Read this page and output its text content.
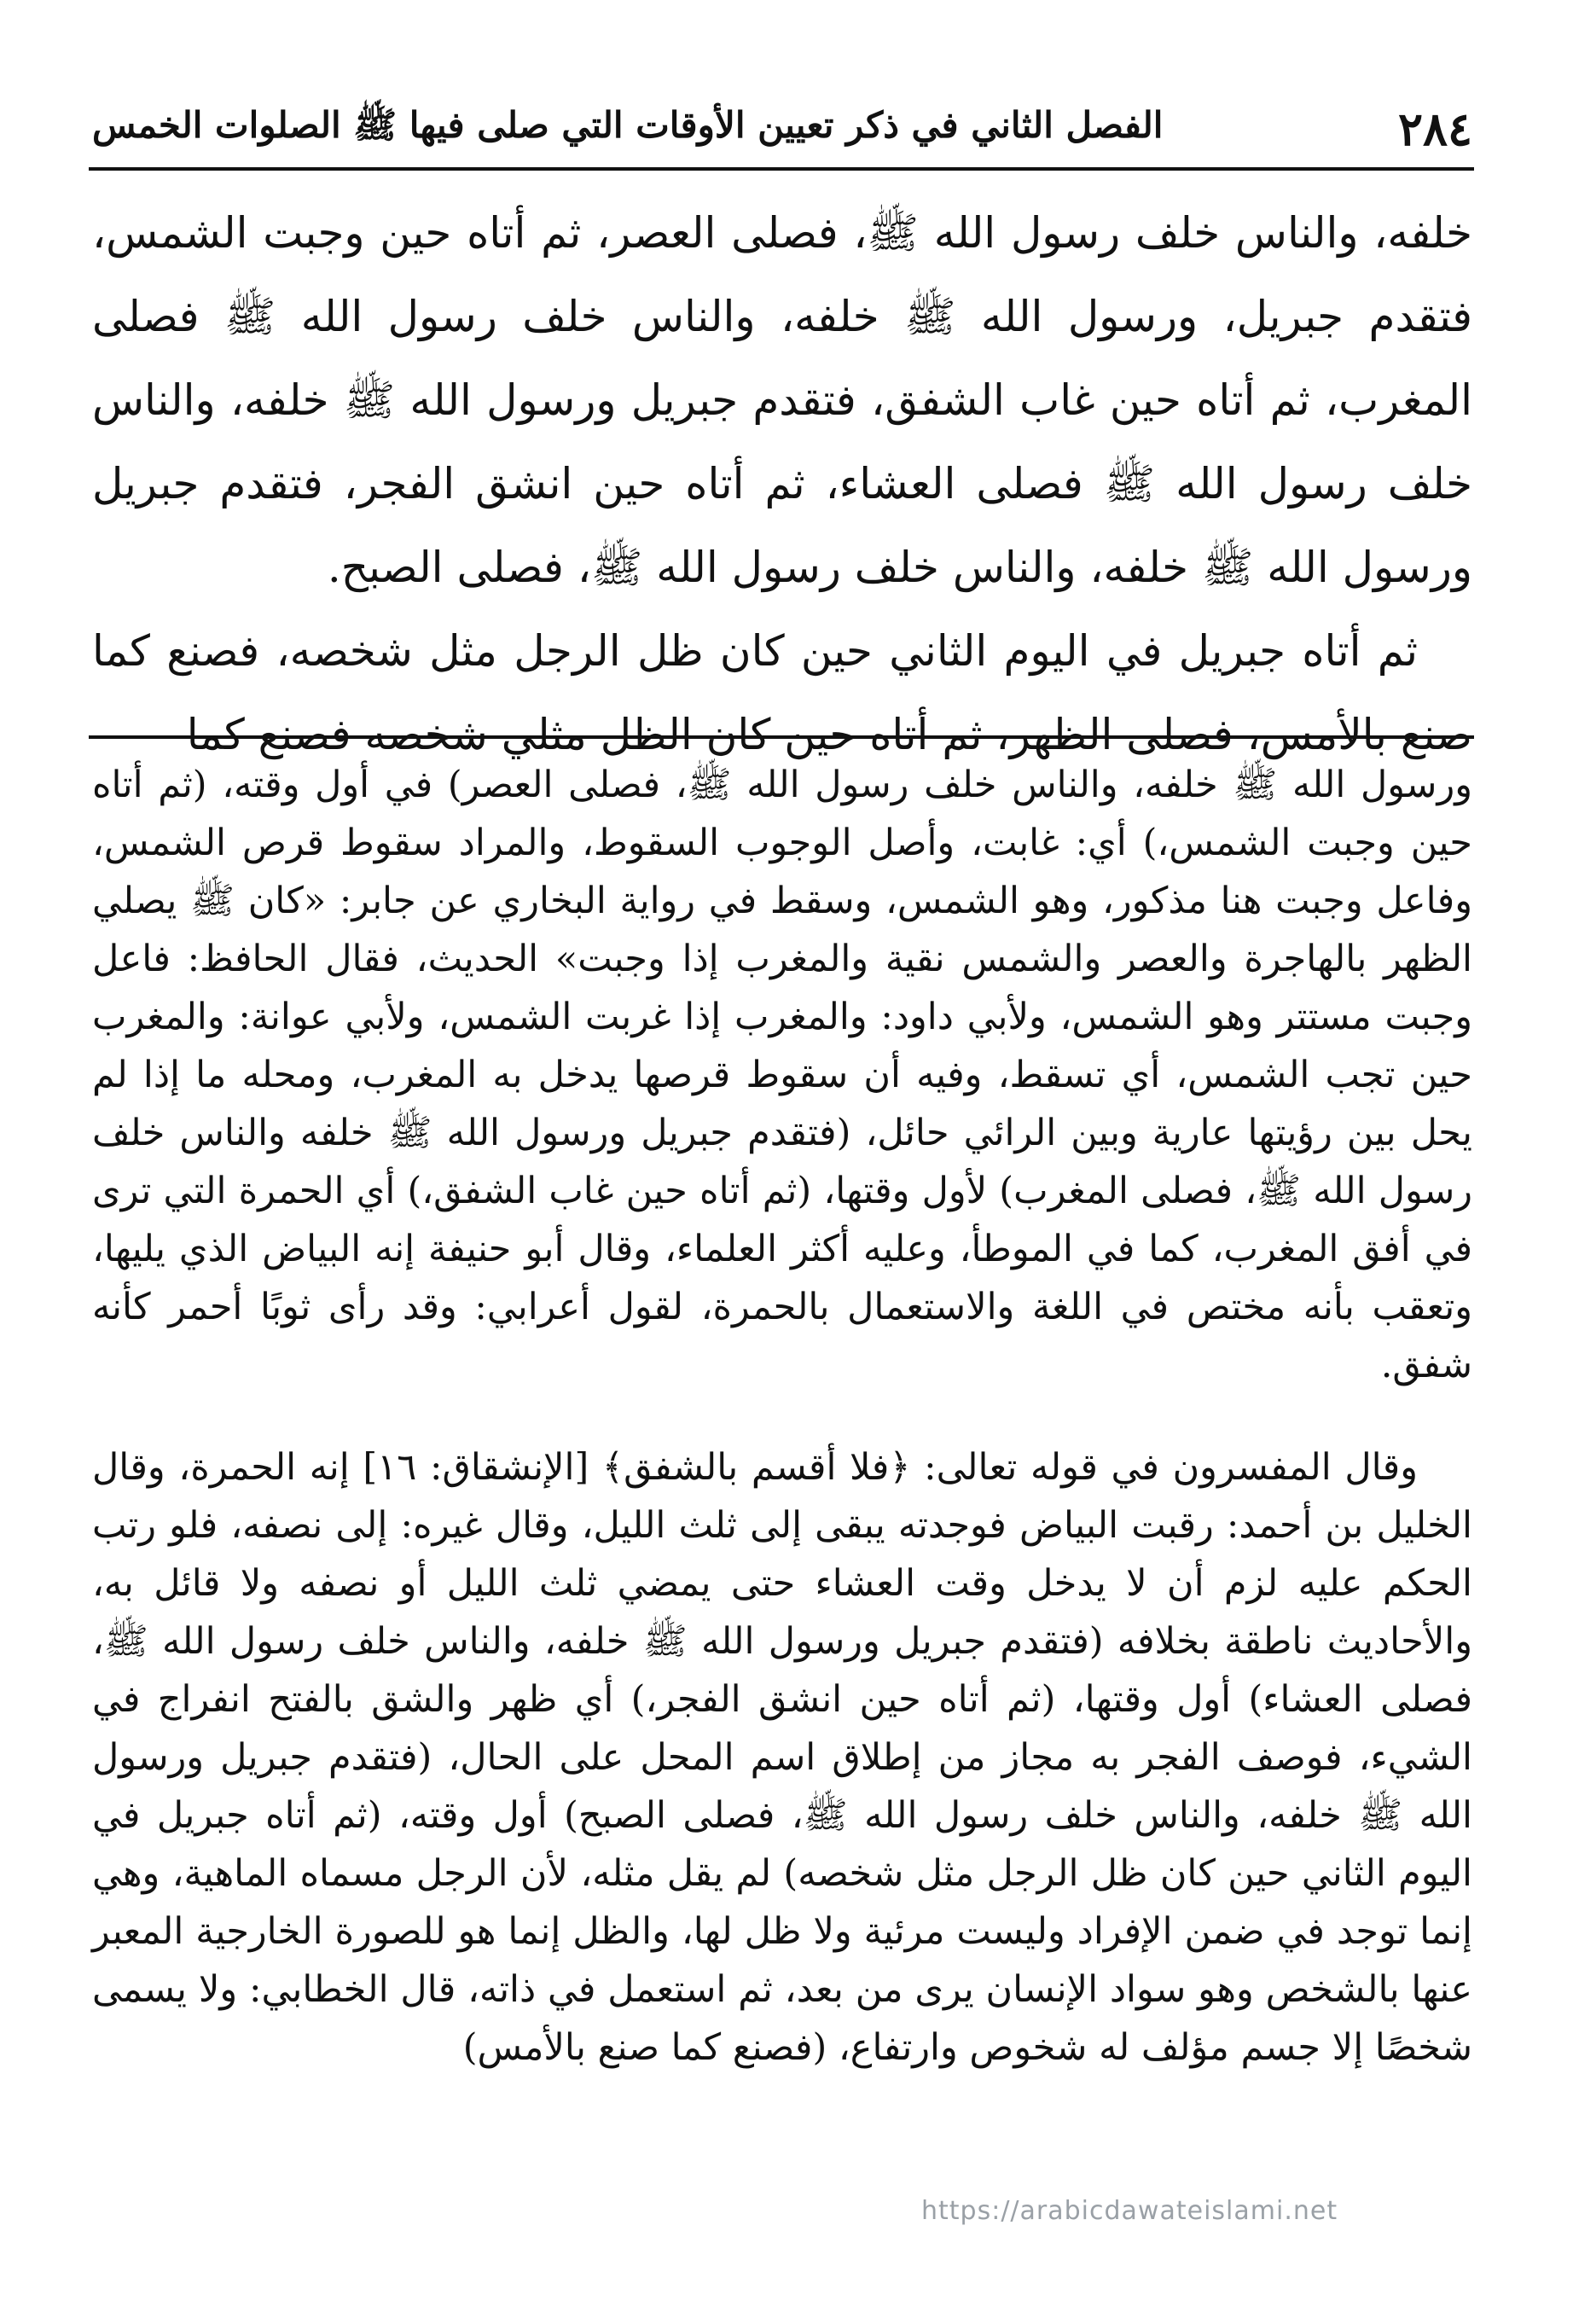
٢٨٤
الفصل الثاني في ذكر تعيين الأوقات التي صلى فيها ﷺ الصلوات الخمس

خلفه، والناس خلف رسول الله ﷺ، فصلى العصر، ثم أتاه حين وجبت الشمس، فتقدم جبريل، ورسول الله ﷺ خلفه، والناس خلف رسول الله ﷺ فصلى المغرب، ثم أتاه حين غاب الشفق، فتقدم جبريل ورسول الله ﷺ خلفه، والناس خلف رسول الله ﷺ فصلى العشاء، ثم أتاه حين انشق الفجر، فتقدم جبريل ورسول الله ﷺ خلفه، والناس خلف رسول الله ﷺ، فصلى الصبح.

ثم أتاه جبريل في اليوم الثاني حين كان ظل الرجل مثل شخصه، فصنع كما صنع بالأمس، فصلى الظهر، ثم أتاه حين كان الظل مثلي شخصه فصنع كما

ورسول الله ﷺ خلفه، والناس خلف رسول الله ﷺ، فصلى العصر) في أول وقته، (ثم أتاه حين وجبت الشمس،) أي: غابت، وأصل الوجوب السقوط، والمراد سقوط قرص الشمس، وفاعل وجبت هنا مذكور، وهو الشمس، وسقط في رواية البخاري عن جابر: «كان ﷺ يصلي الظهر بالهاجرة والعصر والشمس نقية والمغرب إذا وجبت» الحديث، فقال الحافظ: فاعل وجبت مستتر وهو الشمس، ولأبي داود: والمغرب إذا غربت الشمس، ولأبي عوانة: والمغرب حين تجب الشمس، أي تسقط، وفيه أن سقوط قرصها يدخل به المغرب، ومحله ما إذا لم يحل بين رؤيتها عارية وبين الرائي حائل، (فتقدم جبريل ورسول الله ﷺ خلفه والناس خلف رسول الله ﷺ، فصلى المغرب) لأول وقتها، (ثم أتاه حين غاب الشفق،) أي الحمرة التي ترى في أفق المغرب، كما في الموطأ، وعليه أكثر العلماء، وقال أبو حنيفة إنه البياض الذي يليها، وتعقب بأنه مختص في اللغة والاستعمال بالحمرة، لقول أعرابي: وقد رأى ثوبًا أحمر كأنه شفق.

وقال المفسرون في قوله تعالى: ﴿فلا أقسم بالشفق﴾ [الإنشقاق: ١٦] إنه الحمرة، وقال الخليل بن أحمد: رقبت البياض فوجدته يبقى إلى ثلث الليل، وقال غيره: إلى نصفه، فلو رتب الحكم عليه لزم أن لا يدخل وقت العشاء حتى يمضي ثلث الليل أو نصفه ولا قائل به، والأحاديث ناطقة بخلافه (فتقدم جبريل ورسول الله ﷺ خلفه، والناس خلف رسول الله ﷺ، فصلى العشاء) أول وقتها، (ثم أتاه حين انشق الفجر،) أي ظهر والشق بالفتح انفراج في الشيء، فوصف الفجر به مجاز من إطلاق اسم المحل على الحال، (فتقدم جبريل ورسول الله ﷺ خلفه، والناس خلف رسول الله ﷺ، فصلى الصبح) أول وقته، (ثم أتاه جبريل في اليوم الثاني حين كان ظل الرجل مثل شخصه) لم يقل مثله، لأن الرجل مسماه الماهية، وهي إنما توجد في ضمن الإفراد وليست مرئية ولا ظل لها، والظل إنما هو للصورة الخارجية المعبر عنها بالشخص وهو سواد الإنسان يرى من بعد، ثم استعمل في ذاته، قال الخطابي: ولا يسمى شخصًا إلا جسم مؤلف له شخوص وارتفاع، (فصنع كما صنع بالأمس)

https://arabicdawateislami.net
